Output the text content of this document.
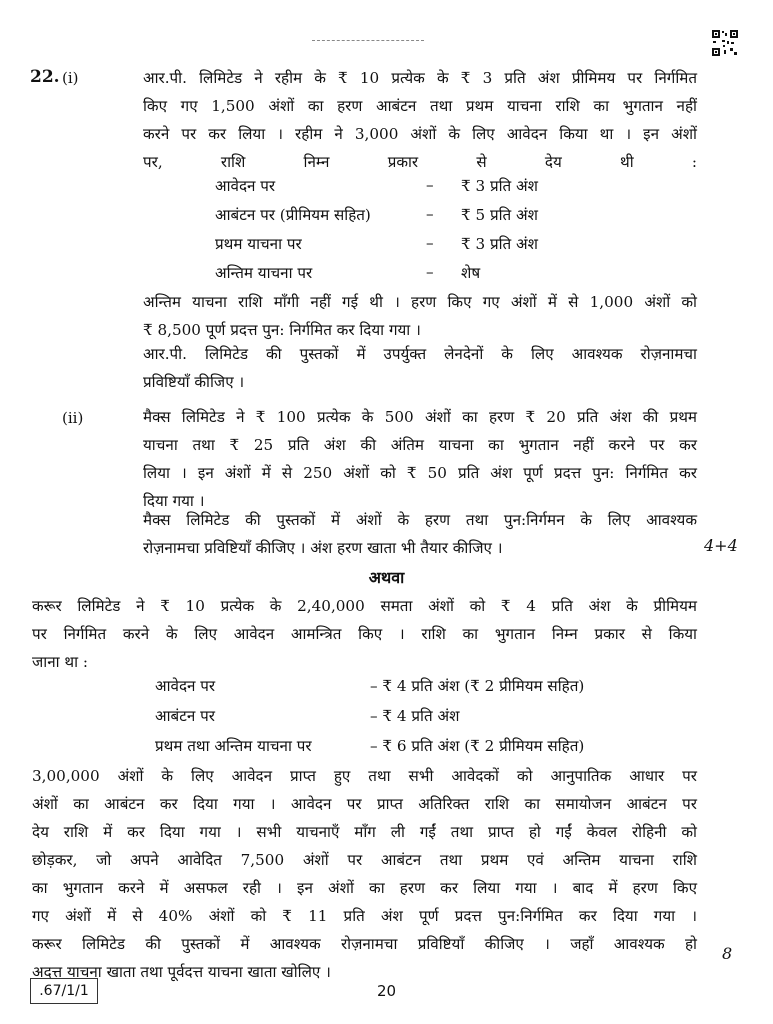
22. (i)	आर.पी. लिमिटेड ने रहीम के ₹ 10 प्रत्येक के ₹ 3 प्रति अंश प्रीमिमय पर निर्गमित
किए गए 1,500 अंशों का हरण आबंटन तथा प्रथम याचना राशि का भुगतान नहीं
करने पर कर लिया । रहीम ने 3,000 अंशों के लिए आवेदन किया था । इन अंशों
पर, राशि निम्न प्रकार से देय थी :
आवेदन पर	– ₹ 3 प्रति अंश
आबंटन पर (प्रीमियम सहित)	– ₹ 5 प्रति अंश
प्रथम याचना पर	– ₹ 3 प्रति अंश
अन्तिम याचना पर	– शेष
अन्तिम याचना राशि माँगी नहीं गई थी । हरण किए गए अंशों में से 1,000 अंशों को
₹ 8,500 पूर्ण प्रदत्त पुन: निर्गमित कर दिया गया ।
आर.पी. लिमिटेड की पुस्तकों में उपर्युक्त लेनदेनों के लिए आवश्यक रोज़नामचा
प्रविष्टियाँ कीजिए ।
(ii)	मैक्स लिमिटेड ने ₹ 100 प्रत्येक के 500 अंशों का हरण ₹ 20 प्रति अंश की प्रथम
याचना तथा ₹ 25 प्रति अंश की अंतिम याचना का भुगतान नहीं करने पर कर
लिया । इन अंशों में से 250 अंशों को ₹ 50 प्रति अंश पूर्ण प्रदत्त पुन: निर्गमित कर
दिया गया ।
मैक्स लिमिटेड की पुस्तकों में अंशों के हरण तथा पुन:निर्गमन के लिए आवश्यक
रोज़नामचा प्रविष्टियाँ कीजिए । अंश हरण खाता भी तैयार कीजिए ।	4+4
अथवा
करूर लिमिटेड ने ₹ 10 प्रत्येक के 2,40,000 समता अंशों को ₹ 4 प्रति अंश के प्रीमियम
पर निर्गमित करने के लिए आवेदन आमन्त्रित किए । राशि का भुगतान निम्न प्रकार से किया
जाना था :
आवेदन पर	– ₹ 4 प्रति अंश (₹ 2 प्रीमियम सहित)
आबंटन पर	– ₹ 4 प्रति अंश
प्रथम तथा अन्तिम याचना पर	– ₹ 6 प्रति अंश (₹ 2 प्रीमियम सहित)
3,00,000 अंशों के लिए आवेदन प्राप्त हुए तथा सभी आवेदकों को आनुपातिक आधार पर
अंशों का आबंटन कर दिया गया । आवेदन पर प्राप्त अतिरिक्त राशि का समायोजन आबंटन पर
देय राशि में कर दिया गया । सभी याचनाएँ माँग ली गईं तथा प्राप्त हो गईं केवल रोहिनी को
छोड़कर, जो अपने आवेदित 7,500 अंशों पर आबंटन तथा प्रथम एवं अन्तिम याचना राशि
का भुगतान करने में असफल रही । इन अंशों का हरण कर लिया गया । बाद में हरण किए
गए अंशों में से 40% अंशों को ₹ 11 प्रति अंश पूर्ण प्रदत्त पुन:निर्गमित कर दिया गया ।
करूर लिमिटेड की पुस्तकों में आवश्यक रोज़नामचा प्रविष्टियाँ कीजिए । जहाँ आवश्यक हो
अदत्त याचना खाता तथा पूर्वदत्त याचना खाता खोलिए ।
8
.67/1/1	20
